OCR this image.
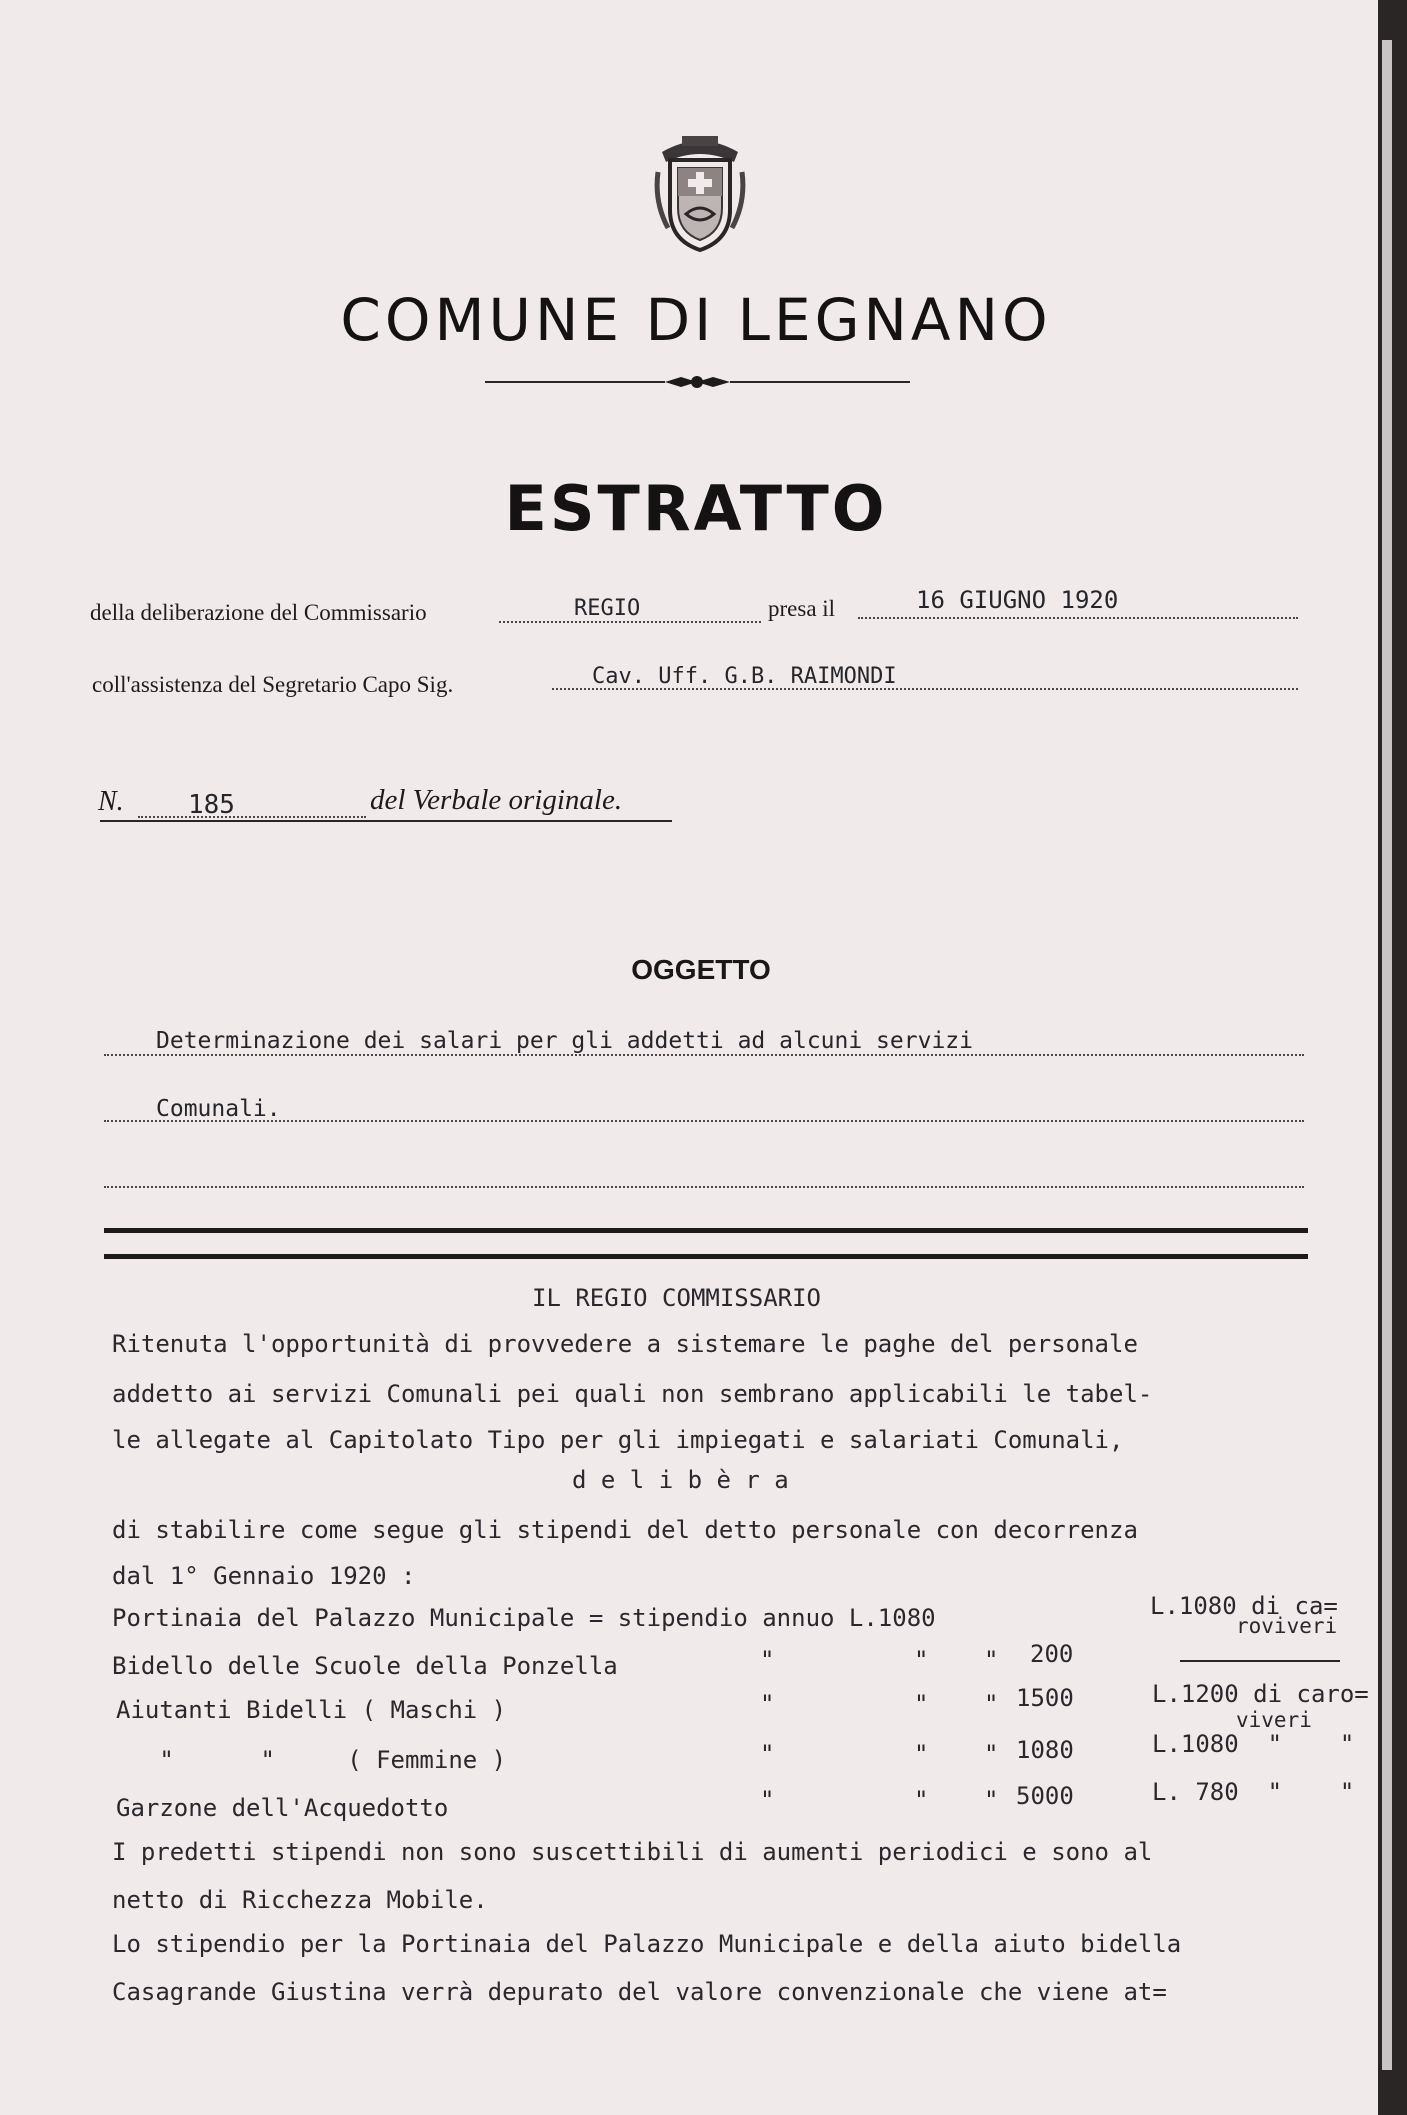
COMUNE DI LEGNANO
ESTRATTO
della deliberazione del Commissario	REGIO	presa il	16 GIUGNO 1920
coll'assistenza del Segretario Capo Sig.	Cav. Uff. G.B. RAIMONDI
N. 185	del Verbale originale.
OGGETTO
Determinazione dei salari per gli addetti ad alcuni servizi
Comunali.
IL REGIO COMMISSARIO
Ritenuta l'opportunità di provvedere a sistemare le paghe del personale
addetto ai servizi Comunali pei quali non sembrano applicabili le tabel-
le allegate al Capitolato Tipo per gli impiegati e salariati Comunali,
d e l i b è r a
di stabilire come segue gli stipendi del detto personale con decorrenza
dal 1° Gennaio 1920 :
Portinaia del Palazzo Municipale = stipendio annuo L.1080	L.1080 di ca=
roviveri
Bidello delle Scuole della Ponzella	"	" " 200
Aiutanti Bidelli ( Maschi )	"	" " 1500	L.1200 di caro=
viveri
"      "     ( Femmine )	"	" " 1080	L.1080  "    "
Garzone dell'Acquedotto	"	" " 5000	L. 780  "    "
I predetti stipendi non sono suscettibili di aumenti periodici e sono al
netto di Ricchezza Mobile.
Lo stipendio per la Portinaia del Palazzo Municipale e della aiuto bidella
Casagrande Giustina verrà depurato del valore convenzionale che viene at=
